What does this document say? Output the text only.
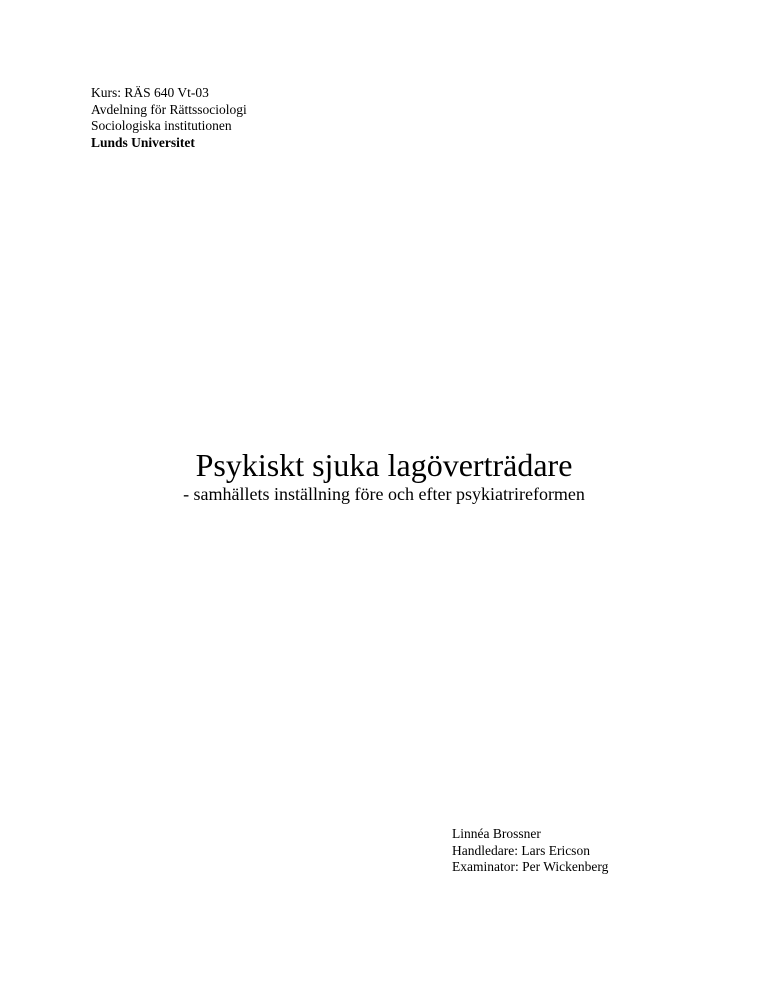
Kurs: RÄS 640 Vt-03
Avdelning för Rättssociologi
Sociologiska institutionen
Lunds Universitet
Psykiskt sjuka lagöverträdare
- samhällets inställning före och efter psykiatrireformen
Linnéa Brossner
Handledare: Lars Ericson
Examinator: Per Wickenberg
